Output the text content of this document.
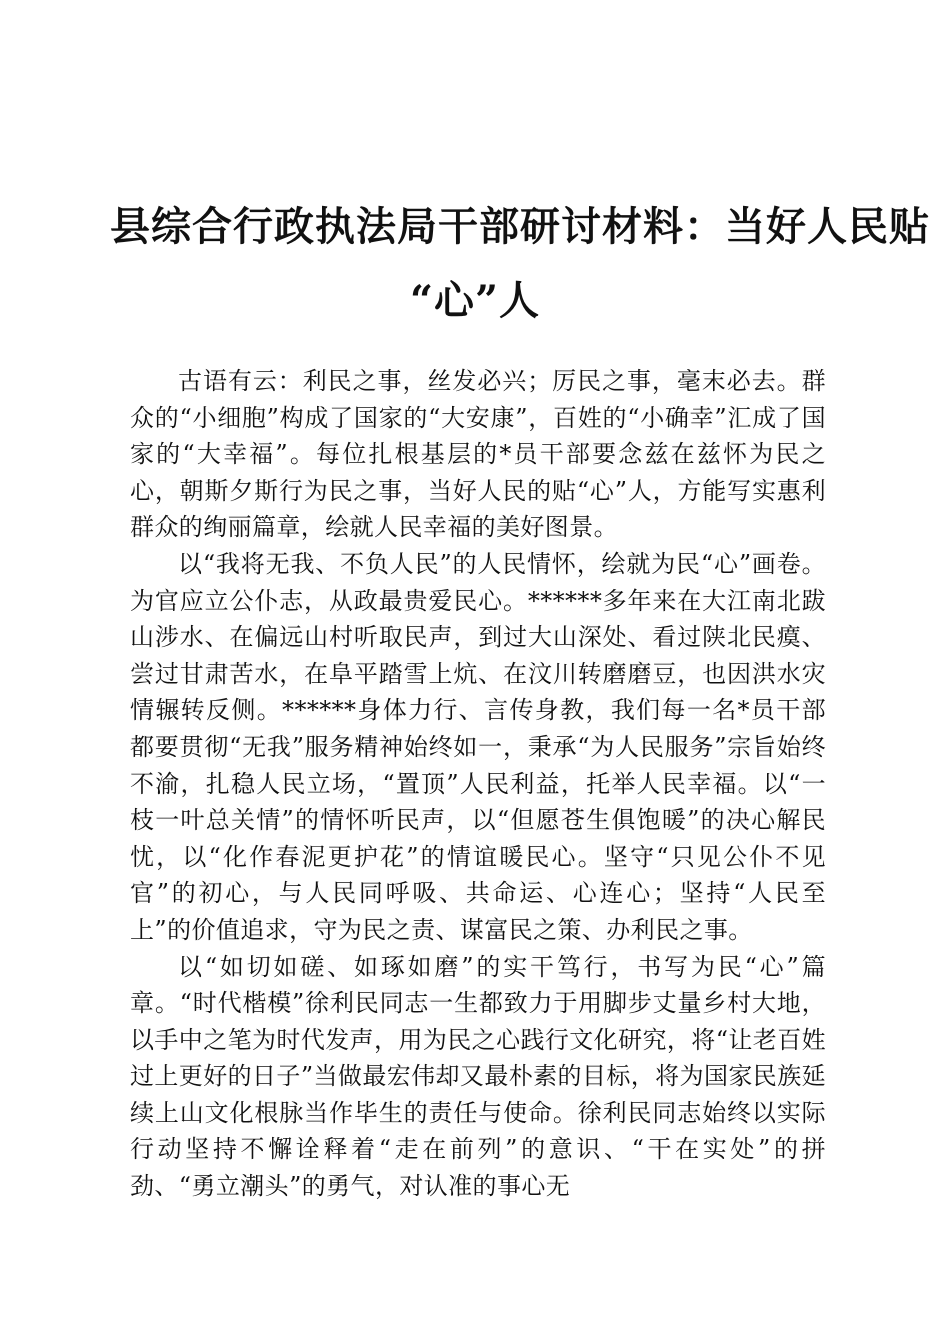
县综合行政执法局干部研讨材料：当好人民贴
“心”人

古语有云：利民之事，丝发必兴；厉民之事，毫末必去。群众的“小细胞”构成了国家的“大安康”，百姓的“小确幸”汇成了国家的“大幸福”。每位扎根基层的*员干部要念兹在兹怀为民之心，朝斯夕斯行为民之事，当好人民的贴“心”人，方能写实惠利群众的绚丽篇章，绘就人民幸福的美好图景。

以“我将无我、不负人民”的人民情怀，绘就为民“心”画卷。为官应立公仆志，从政最贵爱民心。******多年来在大江南北跋山涉水、在偏远山村听取民声，到过大山深处、看过陕北民瘼、尝过甘肃苦水，在阜平踏雪上炕、在汶川转磨磨豆，也因洪水灾情辗转反侧。******身体力行、言传身教，我们每一名*员干部都要贯彻“无我”服务精神始终如一，秉承“为人民服务”宗旨始终不渝，扎稳人民立场，“置顶”人民利益，托举人民幸福。以“一枝一叶总关情”的情怀听民声，以“但愿苍生俱饱暖”的决心解民忧，以“化作春泥更护花”的情谊暖民心。坚守“只见公仆不见官”的初心，与人民同呼吸、共命运、心连心；坚持“人民至上”的价值追求，守为民之责、谋富民之策、办利民之事。

以“如切如磋、如琢如磨”的实干笃行，书写为民“心”篇章。“时代楷模”徐利民同志一生都致力于用脚步丈量乡村大地，以手中之笔为时代发声，用为民之心践行文化研究，将“让老百姓过上更好的日子”当做最宏伟却又最朴素的目标，将为国家民族延续上山文化根脉当作毕生的责任与使命。徐利民同志始终以实际行动坚持不懈诠释着“走在前列”的意识、“干在实处”的拼劲、“勇立潮头”的勇气，对认准的事心无
